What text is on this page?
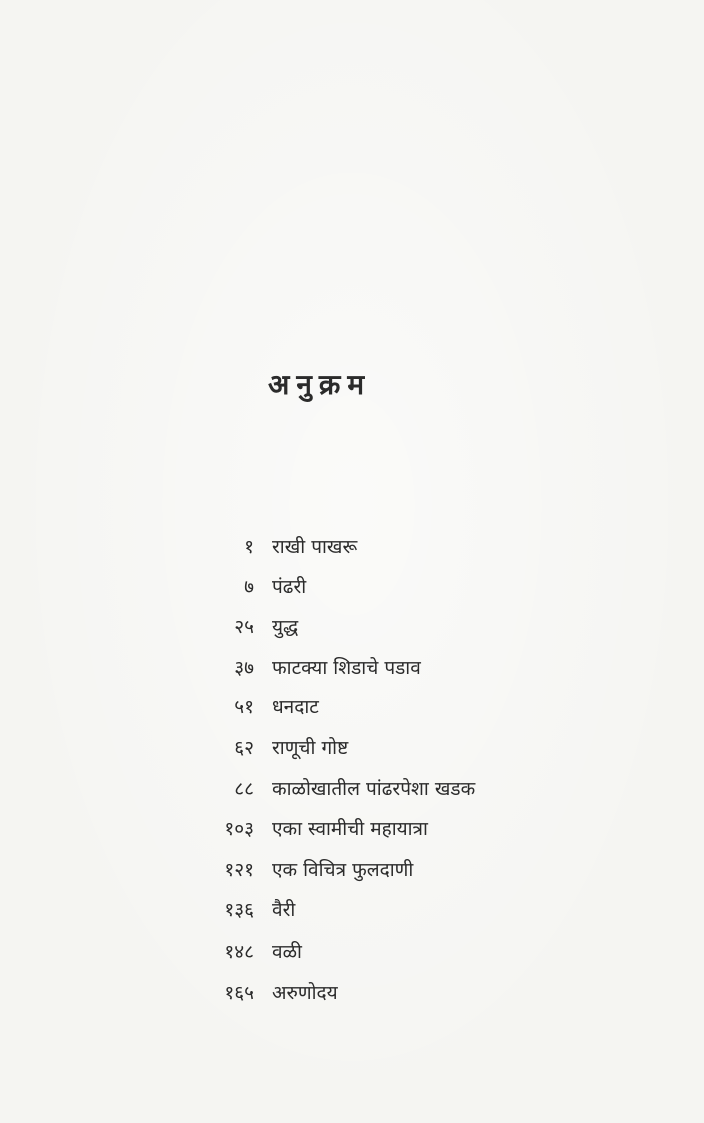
अनुक्रम
१ राखी पाखरू
७ पंढरी
२५ युद्ध
३७ फाटक्या शिडाचे पडाव
५१ धनदाट
६२ राणूची गोष्ट
८८ काळोखातील पांढरपेशा खडक
१०३ एका स्वामीची महायात्रा
१२१ एक विचित्र फुलदाणी
१३६ वैरी
१४८ वळी
१६५ अरुणोदय
